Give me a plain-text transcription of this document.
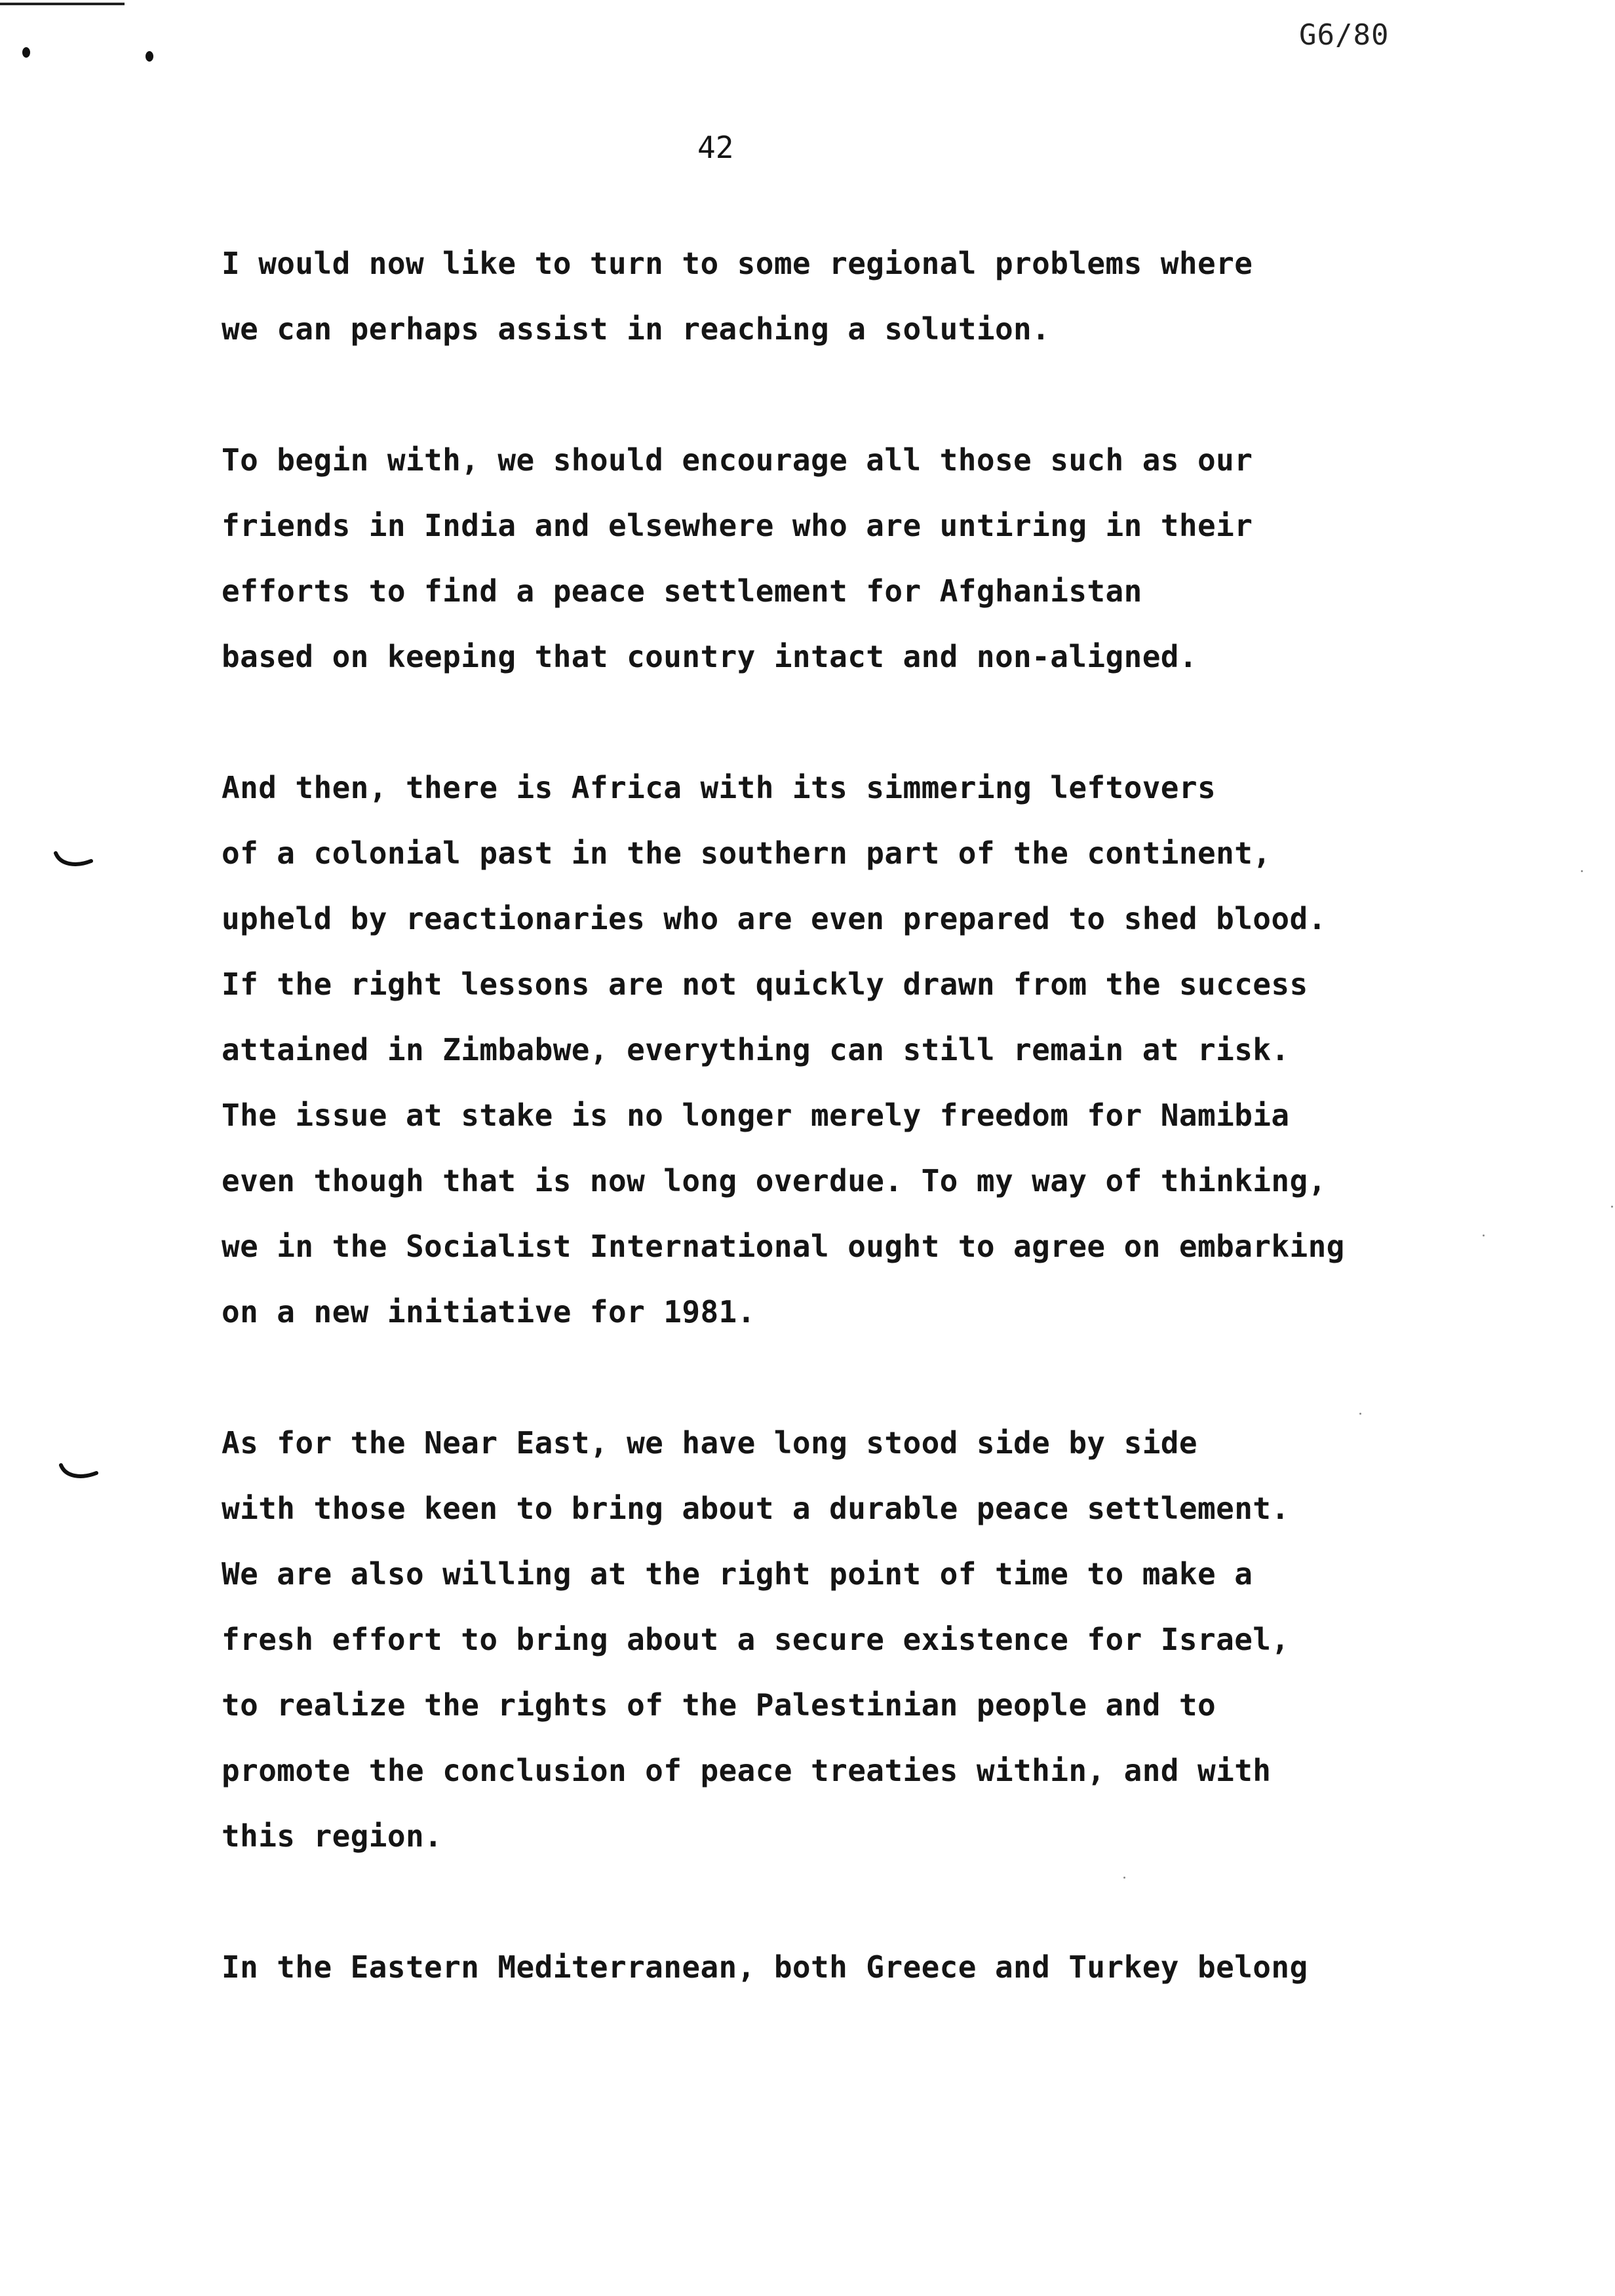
G6/80
42

I would now like to turn to some regional problems where
we can perhaps assist in reaching a solution.

To begin with, we should encourage all those such as our
friends in India and elsewhere who are untiring in their
efforts to find a peace settlement for Afghanistan
based on keeping that country intact and non-aligned.

And then, there is Africa with its simmering leftovers
of a colonial past in the southern part of the continent,
upheld by reactionaries who are even prepared to shed blood.
If the right lessons are not quickly drawn from the success
attained in Zimbabwe, everything can still remain at risk.
The issue at stake is no longer merely freedom for Namibia
even though that is now long overdue. To my way of thinking,
we in the Socialist International ought to agree on embarking
on a new initiative for 1981.

As for the Near East, we have long stood side by side
with those keen to bring about a durable peace settlement.
We are also willing at the right point of time to make a
fresh effort to bring about a secure existence for Israel,
to realize the rights of the Palestinian people and to
promote the conclusion of peace treaties within, and with
this region.

In the Eastern Mediterranean, both Greece and Turkey belong
